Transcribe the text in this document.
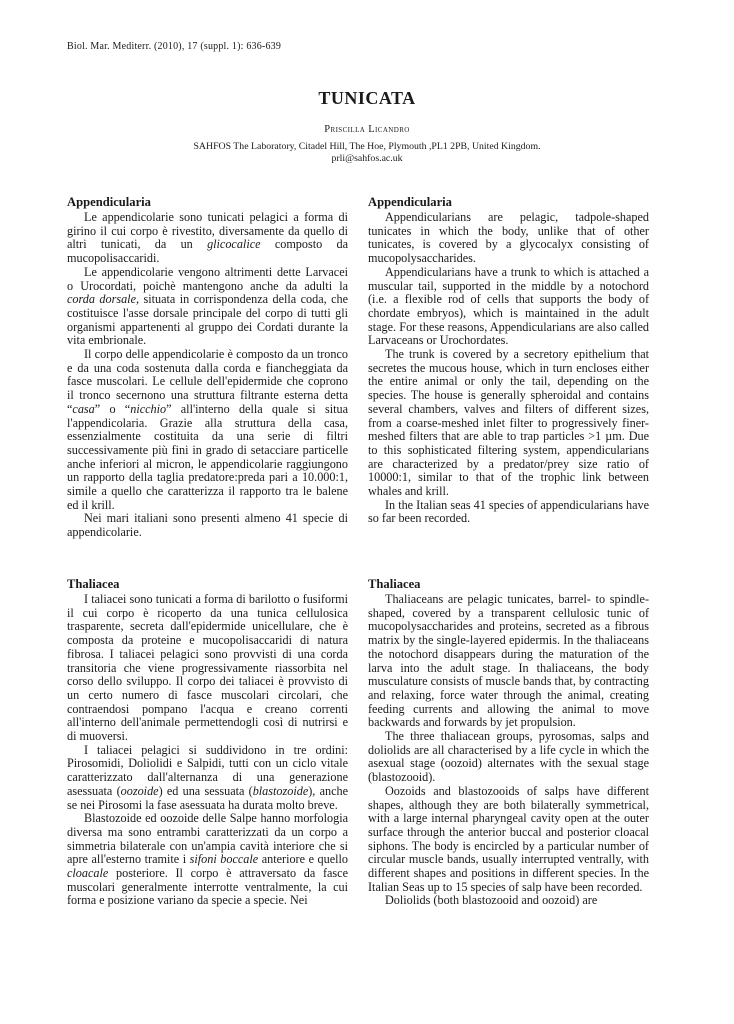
Biol. Mar. Mediterr. (2010), 17 (suppl. 1): 636-639
TUNICATA
Priscilla Licandro
SAHFOS The Laboratory, Citadel Hill, The Hoe, Plymouth ,PL1 2PB, United Kingdom.
prli@sahfos.ac.uk
Appendicularia

Le appendicolarie sono tunicati pelagici a forma di girino il cui corpo è rivestito, diversamente da quello di altri tunicati, da un glicocalice composto da mucopolisaccaridi.

Le appendicolarie vengono altrimenti dette Larvacei o Urocordati, poichè mantengono anche da adulti la corda dorsale, situata in corrispondenza della coda, che costituisce l'asse dorsale principale del corpo di tutti gli organismi appartenenti al gruppo dei Cordati durante la vita embrionale.

Il corpo delle appendicolarie è composto da un tronco e da una coda sostenuta dalla corda e fiancheggiata da fasce muscolari. Le cellule dell'epidermide che coprono il tronco secernono una struttura filtrante esterna detta “casa” o “nicchio” all'interno della quale si situa l'appendicolaria. Grazie alla struttura della casa, essenzialmente costituita da una serie di filtri successivamente più fini in grado di setacciare particelle anche inferiori al micron, le appendicolarie raggiungono un rapporto della taglia predatore:preda pari a 10.000:1, simile a quello che caratterizza il rapporto tra le balene ed il krill.

Nei mari italiani sono presenti almeno 41 specie di appendicolarie.

Appendicularia

Appendicularians are pelagic, tadpole-shaped tunicates in which the body, unlike that of other tunicates, is covered by a glycocalyx consisting of mucopolysaccharides.

Appendicularians have a trunk to which is attached a muscular tail, supported in the middle by a notochord (i.e. a flexible rod of cells that supports the body of chordate embryos), which is maintained in the adult stage. For these reasons, Appendicularians are also called Larvaceans or Urochordates.

The trunk is covered by a secretory epithelium that secretes the mucous house, which in turn encloses either the entire animal or only the tail, depending on the species. The house is generally spheroidal and contains several chambers, valves and filters of different sizes, from a coarse-meshed inlet filter to progressively finer-meshed filters that are able to trap particles >1 µm. Due to this sophisticated filtering system, appendicularians are characterized by a predator/prey size ratio of 10000:1, similar to that of the trophic link between whales and krill.

In the Italian seas 41 species of appendicularians have so far been recorded.

Thaliacea

I taliacei sono tunicati a forma di barilotto o fusiformi il cui corpo è ricoperto da una tunica cellulosica trasparente, secreta dall'epidermide unicellulare, che è composta da proteine e mucopolisaccaridi di natura fibrosa. I taliacei pelagici sono provvisti di una corda transitoria che viene progressivamente riassorbita nel corso dello sviluppo. Il corpo dei taliacei è provvisto di un certo numero di fasce muscolari circolari, che contraendosi pompano l'acqua e creano correnti all'interno dell'animale permettendogli così di nutrirsi e di muoversi.

I taliacei pelagici si suddividono in tre ordini: Pirosomidi, Doliolidi e Salpidi, tutti con un ciclo vitale caratterizzato dall'alternanza di una generazione asessuata (oozoide) ed una sessuata (blastozoide), anche se nei Pirosomi la fase asessuata ha durata molto breve.

Blastozoide ed oozoide delle Salpe hanno morfologia diversa ma sono entrambi caratterizzati da un corpo a simmetria bilaterale con un'ampia cavità interiore che si apre all'esterno tramite i sifoni boccale anteriore e quello cloacale posteriore. Il corpo è attraversato da fasce muscolari generalmente interrotte ventralmente, la cui forma e posizione variano da specie a specie. Nei

Thaliacea

Thaliaceans are pelagic tunicates, barrel- to spindle-shaped, covered by a transparent cellulosic tunic of mucopolysaccharides and proteins, secreted as a fibrous matrix by the single-layered epidermis. In the thaliaceans the notochord disappears during the maturation of the larva into the adult stage. In thaliaceans, the body musculature consists of muscle bands that, by contracting and relaxing, force water through the animal, creating feeding currents and allowing the animal to move backwards and forwards by jet propulsion.

The three thaliacean groups, pyrosomas, salps and doliolids are all characterised by a life cycle in which the asexual stage (oozoid) alternates with the sexual stage (blastozooid).

Oozoids and blastozooids of salps have different shapes, although they are both bilaterally symmetrical, with a large internal pharyngeal cavity open at the outer surface through the anterior buccal and posterior cloacal siphons. The body is encircled by a particular number of circular muscle bands, usually interrupted ventrally, with different shapes and positions in different species. In the Italian Seas up to 15 species of salp have been recorded.

Doliolids (both blastozooid and oozoid) are
